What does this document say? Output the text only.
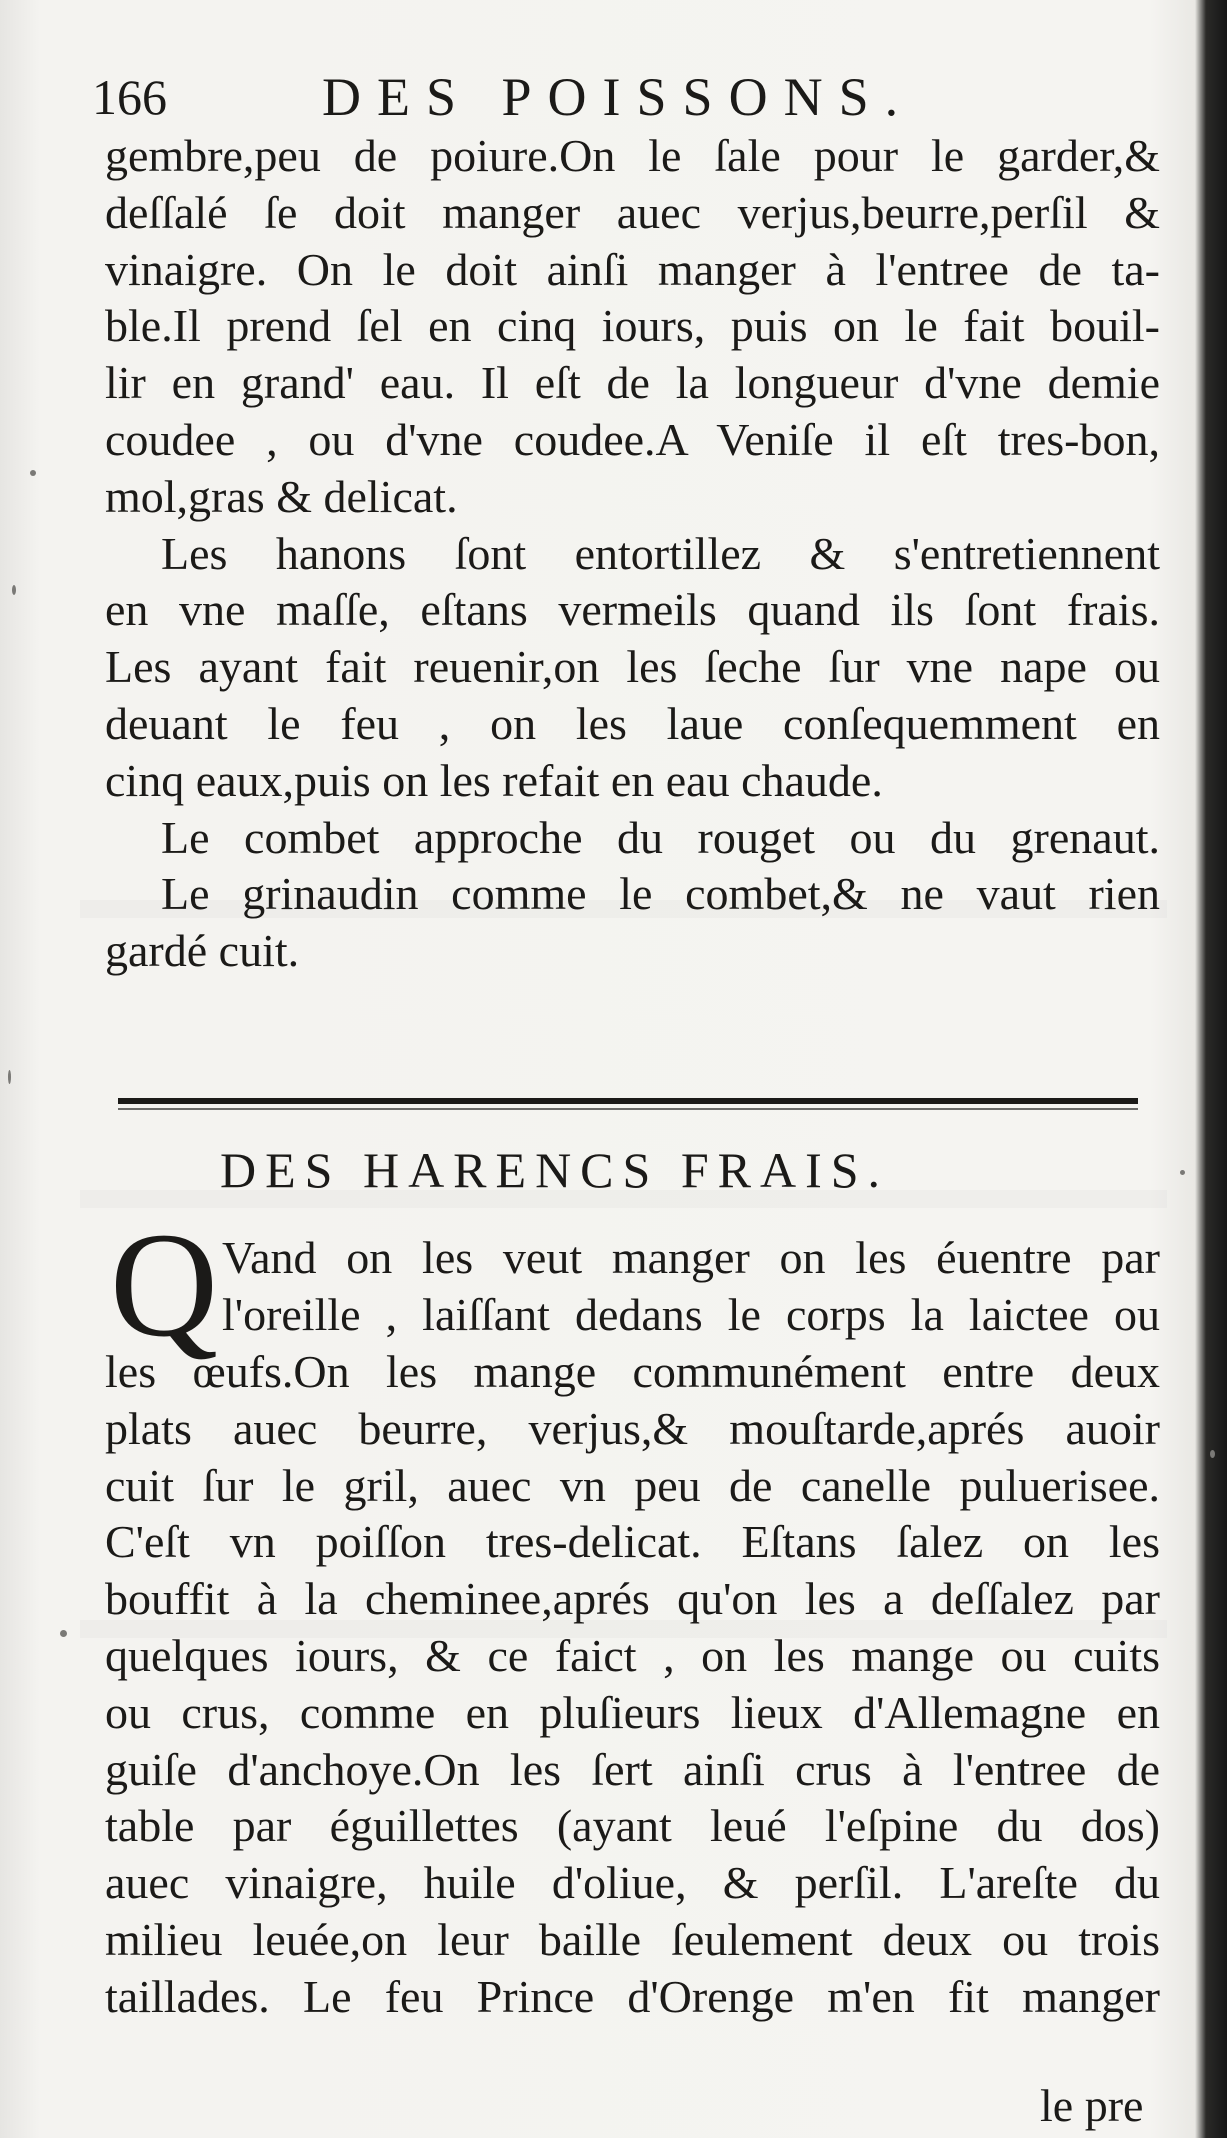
166	DES POISSONS.
gembre,peu de poiure.On le ſale pour le garder,&
deſſalé ſe doit manger auec verjus,beurre,perſil &
vinaigre. On le doit ainſi manger à l'entree de ta-
ble.Il prend ſel en cinq iours, puis on le fait bouil-
lir en grand' eau. Il eſt de la longueur d'vne demie
coudee , ou d'vne coudee.A Veniſe il eſt tres-bon,
mol,gras & delicat.
Les hanons ſont entortillez & s'entretiennent
en vne maſſe, eſtans vermeils quand ils ſont frais.
Les ayant fait reuenir,on les ſeche ſur vne nape ou
deuant le feu , on les laue conſequemment en
cinq eaux,puis on les refait en eau chaude.
Le combet approche du rouget ou du grenaut.
Le grinaudin comme le combet,& ne vaut rien
gardé cuit.
DES HARENCS FRAIS.
Q Vand on les veut manger on les éuentre par
l'oreille , laiſſant dedans le corps la laictee ou
les œufs.On les mange communément entre deux
plats auec beurre, verjus,& mouſtarde,aprés auoir
cuit ſur le gril, auec vn peu de canelle puluerisee.
C'eſt vn poiſſon tres-delicat. Eſtans ſalez on les
bouffit à la cheminee,aprés qu'on les a deſſalez par
quelques iours, & ce faict , on les mange ou cuits
ou crus, comme en pluſieurs lieux d'Allemagne en
guiſe d'anchoye.On les ſert ainſi crus à l'entree de
table par éguillettes (ayant leué l'eſpine du dos)
auec vinaigre, huile d'oliue, & perſil. L'areſte du
milieu leuée,on leur baille ſeulement deux ou trois
taillades. Le feu Prince d'Orenge m'en fit manger
le pre
